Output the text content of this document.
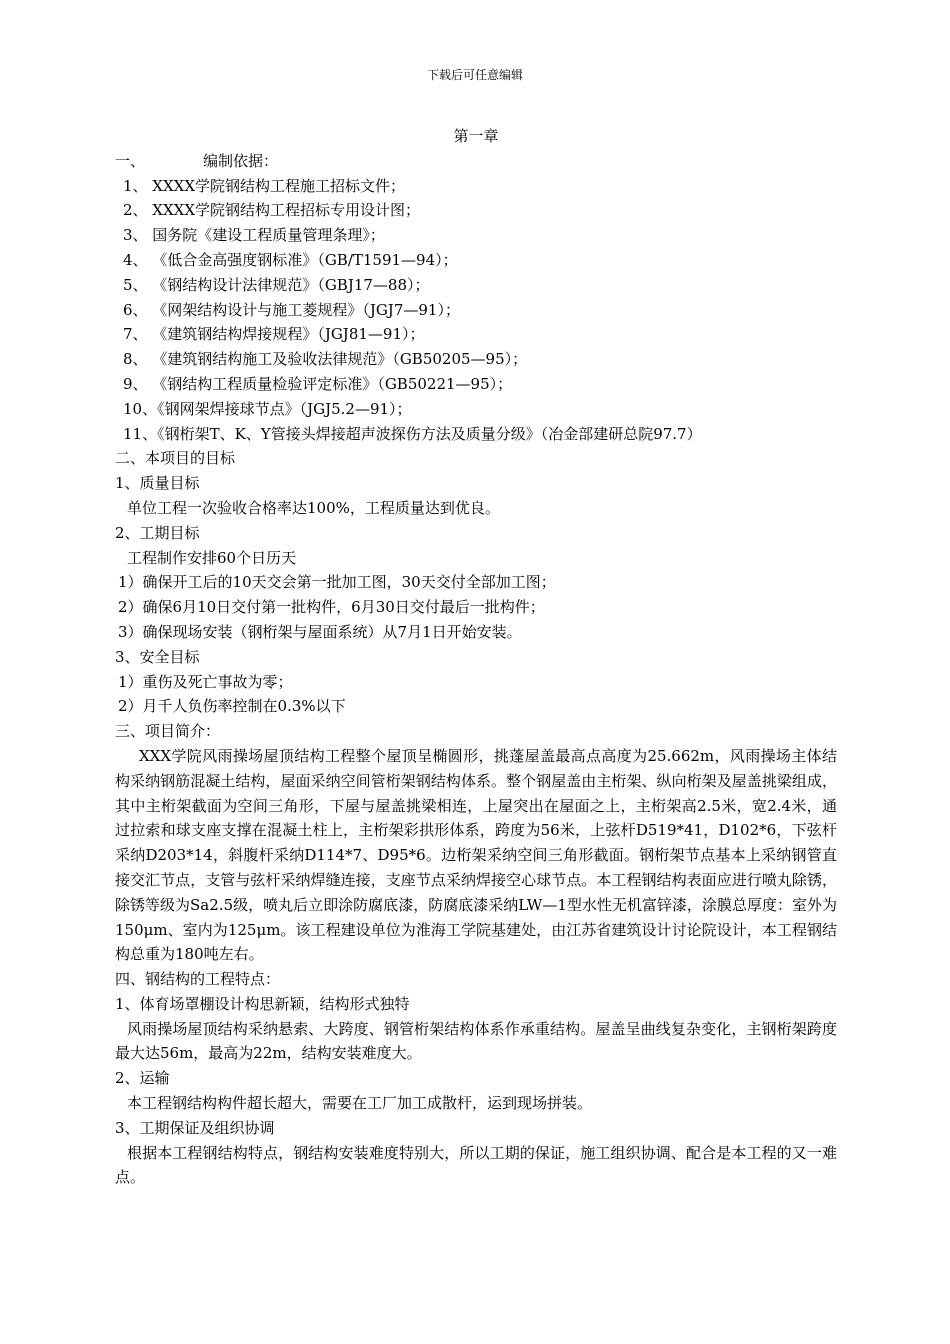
下载后可任意编辑
第一章
一、	编制依据：
1、 XXXX学院钢结构工程施工招标文件；
2、 XXXX学院钢结构工程招标专用设计图；
3、 国务院《建设工程质量管理条理》；
4、 《低合金高强度钢标准》（GB/T1591—94）；
5、 《钢结构设计法律规范》（GBJ17—88）；
6、 《网架结构设计与施工菱规程》（JGJ7—91）；
7、 《建筑钢结构焊接规程》（JGJ81—91）；
8、 《建筑钢结构施工及验收法律规范》（GB50205—95）；
9、 《钢结构工程质量检验评定标准》（GB50221—95）；
10、《钢网架焊接球节点》（JGJ5.2—91）；
11、《钢桁架T、K、Y管接头焊接超声波探伤方法及质量分级》（冶金部建研总院97.7）
二、本项目的目标
1、质量目标
单位工程一次验收合格率达100%，工程质量达到优良。
2、工期目标
工程制作安排60个日历天
1）确保开工后的10天交会第一批加工图，30天交付全部加工图；
2）确保6月10日交付第一批构件，6月30日交付最后一批构件；
3）确保现场安装（钢桁架与屋面系统）从7月1日开始安装。
3、安全目标
1）重伤及死亡事故为零；
2）月千人负伤率控制在0.3%以下
三、项目简介：
XXX学院风雨操场屋顶结构工程整个屋顶呈椭圆形，挑蓬屋盖最高点高度为25.662m，风雨操场主体结构采纳钢筋混凝土结构，屋面采纳空间管桁架钢结构体系。整个钢屋盖由主桁架、纵向桁架及屋盖挑梁组成，其中主桁架截面为空间三角形，下屋与屋盖挑梁相连，上屋突出在屋面之上，主桁架高2.5米，宽2.4米，通过拉索和球支座支撑在混凝土柱上，主桁架彩拱形体系，跨度为56米，上弦杆D519*41，D102*6，下弦杆采纳D203*14，斜腹杆采纳D114*7、D95*6。边桁架采纳空间三角形截面。钢桁架节点基本上采纳钢管直接交汇节点，支管与弦杆采纳焊缝连接，支座节点采纳焊接空心球节点。本工程钢结构表面应进行喷丸除锈，除锈等级为Sa2.5级，喷丸后立即涂防腐底漆，防腐底漆采纳LW—1型水性无机富锌漆，涂膜总厚度：室外为150μm、室内为125μm。该工程建设单位为淮海工学院基建处，由江苏省建筑设计讨论院设计，本工程钢结构总重为180吨左右。
四、钢结构的工程特点：
1、体育场罩棚设计构思新颖，结构形式独特
风雨操场屋顶结构采纳悬索、大跨度、钢管桁架结构体系作承重结构。屋盖呈曲线复杂变化，主钢桁架跨度最大达56m，最高为22m，结构安装难度大。
2、运输
本工程钢结构构件超长超大，需要在工厂加工成散杆，运到现场拼装。
3、工期保证及组织协调
根据本工程钢结构特点，钢结构安装难度特别大，所以工期的保证，施工组织协调、配合是本工程的又一难点。
